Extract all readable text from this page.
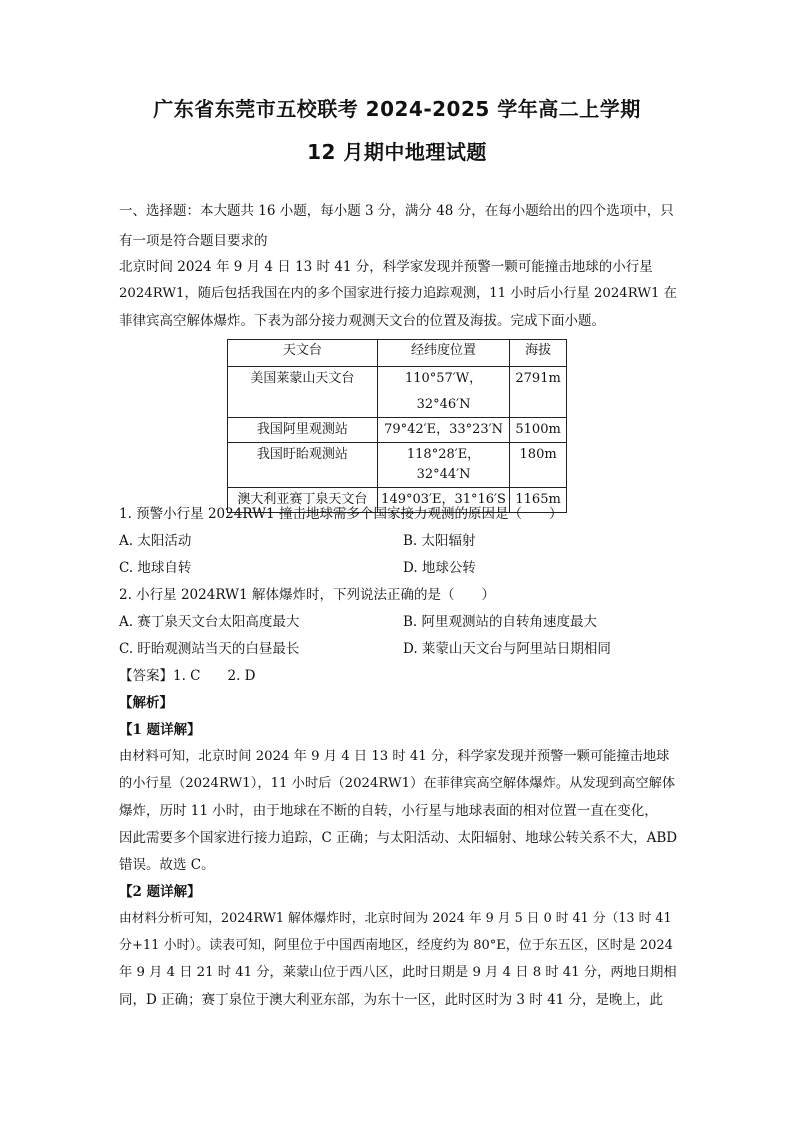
广东省东莞市五校联考 2024-2025 学年高二上学期
12 月期中地理试题
一、选择题：本大题共 16 小题，每小题 3 分，满分 48 分，在每小题给出的四个选项中，只
有一项是符合题目要求的
北京时间 2024 年 9 月 4 日 13 时 41 分，科学家发现并预警一颗可能撞击地球的小行星
2024RW1，随后包括我国在内的多个国家进行接力追踪观测，11 小时后小行星 2024RW1 在
菲律宾高空解体爆炸。下表为部分接力观测天文台的位置及海拔。完成下面小题。
天文台	经纬度位置	海拔
美国莱蒙山天文台	110°57′W，
32°46′N	2791m
我国阿里观测站	79°42′E，33°23′N	5100m
我国盱眙观测站	118°28′E，32°44′N	180m
澳大利亚赛丁泉天文台	149°03′E，31°16′S	1165m
1. 预警小行星 2024RW1 撞击地球需多个国家接力观测的原因是（　　）
A. 太阳活动	B. 太阳辐射
C. 地球自转	D. 地球公转
2. 小行星 2024RW1 解体爆炸时，下列说法正确的是（　　）
A. 赛丁泉天文台太阳高度最大	B. 阿里观测站的自转角速度最大
C. 盱眙观测站当天的白昼最长	D. 莱蒙山天文台与阿里站日期相同
【答案】1. C　　2. D
【解析】
【1 题详解】
由材料可知，北京时间 2024 年 9 月 4 日 13 时 41 分，科学家发现并预警一颗可能撞击地球
的小行星（2024RW1），11 小时后（2024RW1）在菲律宾高空解体爆炸。从发现到高空解体
爆炸，历时 11 小时，由于地球在不断的自转，小行星与地球表面的相对位置一直在变化，
因此需要多个国家进行接力追踪，C 正确；与太阳活动、太阳辐射、地球公转关系不大，ABD
错误。故选 C。
【2 题详解】
由材料分析可知，2024RW1 解体爆炸时，北京时间为 2024 年 9 月 5 日 0 时 41 分（13 时 41
分+11 小时）。读表可知，阿里位于中国西南地区，经度约为 80°E，位于东五区，区时是 2024
年 9 月 4 日 21 时 41 分，莱蒙山位于西八区，此时日期是 9 月 4 日 8 时 41 分，两地日期相
同，D 正确；赛丁泉位于澳大利亚东部，为东十一区，此时区时为 3 时 41 分，是晚上，此
